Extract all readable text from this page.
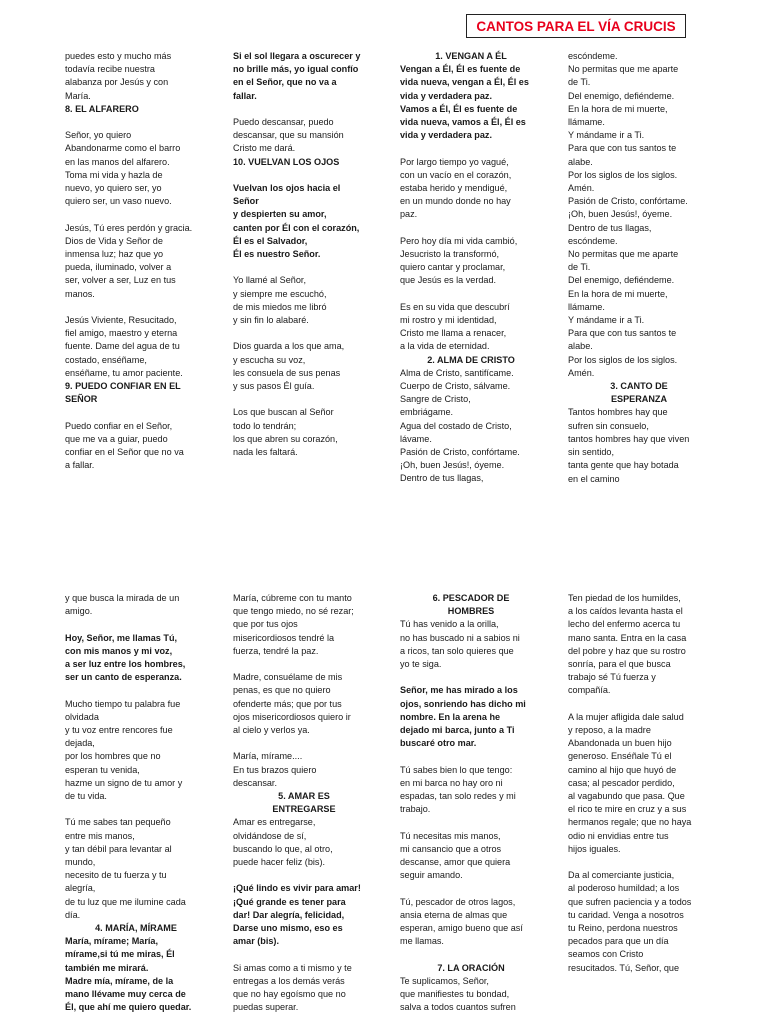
CANTOS PARA EL VÍA CRUCIS

puedes esto y mucho más
todavía recibe nuestra
alabanza por Jesús y con
María.

8. EL ALFARERO

Señor, yo quiero
Abandonarme como el barro
en las manos del alfarero.
Toma mi vida y hazla de
nuevo, yo quiero ser, yo
quiero ser, un vaso nuevo.

Jesús, Tú eres perdón y gracia.
Dios de Vida y Señor de
inmensa luz; haz que yo
pueda, iluminado, volver a
ser, volver a ser, Luz en tus
manos.

Jesús Viviente, Resucitado,
fiel amigo, maestro y eterna
fuente. Dame del agua de tu
costado, enséñame,
enséñame, tu amor paciente.

9. PUEDO CONFIAR EN EL
SEÑOR

Puedo confiar en el Señor,
que me va a guiar, puedo
confiar en el Señor que no va
a fallar.

Si el sol llegara a oscurecer y
no brille más, yo igual confío
en el Señor, que no va a
fallar.

Puedo descansar, puedo
descansar, que su mansión
Cristo me dará.

10. VUELVAN LOS OJOS

Vuelvan los ojos hacia el
Señor
y despierten su amor,
canten por Él con el corazón,
Él es el Salvador,
Él es nuestro Señor.

Yo llamé al Señor,
y siempre me escuchó,
de mis miedos me libró
y sin fin lo alabaré.

Dios guarda a los que ama,
y escucha su voz,
les consuela de sus penas
y sus pasos Él guía.

Los que buscan al Señor
todo lo tendrán;
los que abren su corazón,
nada les faltará.

1. VENGAN A ÉL

Vengan a Él, Él es fuente de
vida nueva, vengan a Él, Él es
vida y verdadera paz.
Vamos a Él, Él es fuente de
vida nueva, vamos a Él, Él es
vida y verdadera paz.

Por largo tiempo yo vagué,
con un vacío en el corazón,
estaba herido y mendigué,
en un mundo donde no hay
paz.

Pero hoy día mi vida cambió,
Jesucristo la transformó,
quiero cantar y proclamar,
que Jesús es la verdad.

Es en su vida que descubrí
mi rostro y mi identidad,
Cristo me llama a renacer,
a la vida de eternidad.

2. ALMA DE CRISTO

Alma de Cristo, santifícame.
Cuerpo de Cristo, sálvame.
Sangre de Cristo,
embriágame.
Agua del costado de Cristo,
lávame.
Pasión de Cristo, confórtame.
¡Oh, buen Jesús!, óyeme.
Dentro de tus llagas,

escóndeme.
No permitas que me aparte
de Ti.
Del enemigo, defiéndeme.
En la hora de mi muerte,
llámame.
Y mándame ir a Ti.
Para que con tus santos te
alabe.
Por los siglos de los siglos.
Amén.
Pasión de Cristo, confórtame.
¡Oh, buen Jesús!, óyeme.
Dentro de tus llagas,
escóndeme.
No permitas que me aparte
de Ti.
Del enemigo, defiéndeme.
En la hora de mi muerte,
llámame.
Y mándame ir a Ti.
Para que con tus santos te
alabe.
Por los siglos de los siglos.
Amén.

3. CANTO DE
ESPERANZA

Tantos hombres hay que
sufren sin consuelo,
tantos hombres hay que viven
sin sentido,
tanta gente que hay botada
en el camino

y que busca la mirada de un
amigo.

Hoy, Señor, me llamas Tú,
con mis manos y mi voz,
a ser luz entre los hombres,
ser un canto de esperanza.

Mucho tiempo tu palabra fue
olvidada
y tu voz entre rencores fue
dejada,
por los hombres que no
esperan tu venida,
hazme un signo de tu amor y
de tu vida.

Tú me sabes tan pequeño
entre mis manos,
y tan débil para levantar al
mundo,
necesito de tu fuerza y tu
alegría,
de tu luz que me ilumine cada
día.

4. MARÍA, MÍRAME

María, mírame; María,
mírame,si tú me miras, Él
también me mirará.
Madre mía, mírame, de la
mano llévame muy cerca de
Él, que ahí me quiero quedar.

María, cúbreme con tu manto
que tengo miedo, no sé rezar;
que por tus ojos
misericordiosos tendré la
fuerza, tendré la paz.

Madre, consuélame de mis
penas, es que no quiero
ofenderte más; que por tus
ojos misericordiosos quiero ir
al cielo y verlos ya.

María, mírame....
En tus brazos quiero
descansar.

5. AMAR ES
ENTREGARSE

Amar es entregarse,
olvidándose de sí,
buscando lo que, al otro,
puede hacer feliz (bis).

¡Qué lindo es vivir para amar!
¡Qué grande es tener para
dar! Dar alegría, felicidad,
Darse uno mismo, eso es
amar (bis).

Si amas como a ti mismo y te
entregas a los demás verás
que no hay egoísmo que no
puedas superar.

6. PESCADOR DE
HOMBRES

Tú has venido a la orilla,
no has buscado ni a sabios ni
a ricos, tan solo quieres que
yo te siga.

Señor, me has mirado a los
ojos, sonriendo has dicho mi
nombre. En la arena he
dejado mi barca, junto a Ti
buscaré otro mar.

Tú sabes bien lo que tengo:
en mi barca no hay oro ni
espadas, tan solo redes y mi
trabajo.

Tú necesitas mis manos,
mi cansancio que a otros
descanse, amor que quiera
seguir amando.

Tú, pescador de otros lagos,
ansia eterna de almas que
esperan, amigo bueno que así
me llamas.

7. LA ORACIÓN

Te suplicamos, Señor,
que manifiestes tu bondad,
salva a todos cuantos sufren

Ten piedad de los humildes,
a los caídos levanta hasta el
lecho del enfermo acerca tu
mano santa. Entra en la casa
del pobre y haz que su rostro
sonría, para el que busca
trabajo sé Tú fuerza y
compañía.

A la mujer afligida dale salud
y reposo, a la madre
Abandonada un buen hijo
generoso. Enséñale Tú el
camino al hijo que huyó de
casa; al pescador perdido,
al vagabundo que pasa. Que
el rico te mire en cruz y a sus
hermanos regale; que no haya
odio ni envidias entre tus
hijos iguales.

Da al comerciante justicia,
al poderoso humildad; a los
que sufren paciencia y a todos
tu caridad. Venga a nosotros
tu Reino, perdona nuestros
pecados para que un día
seamos con Cristo
resucitados. Tú, Señor, que
